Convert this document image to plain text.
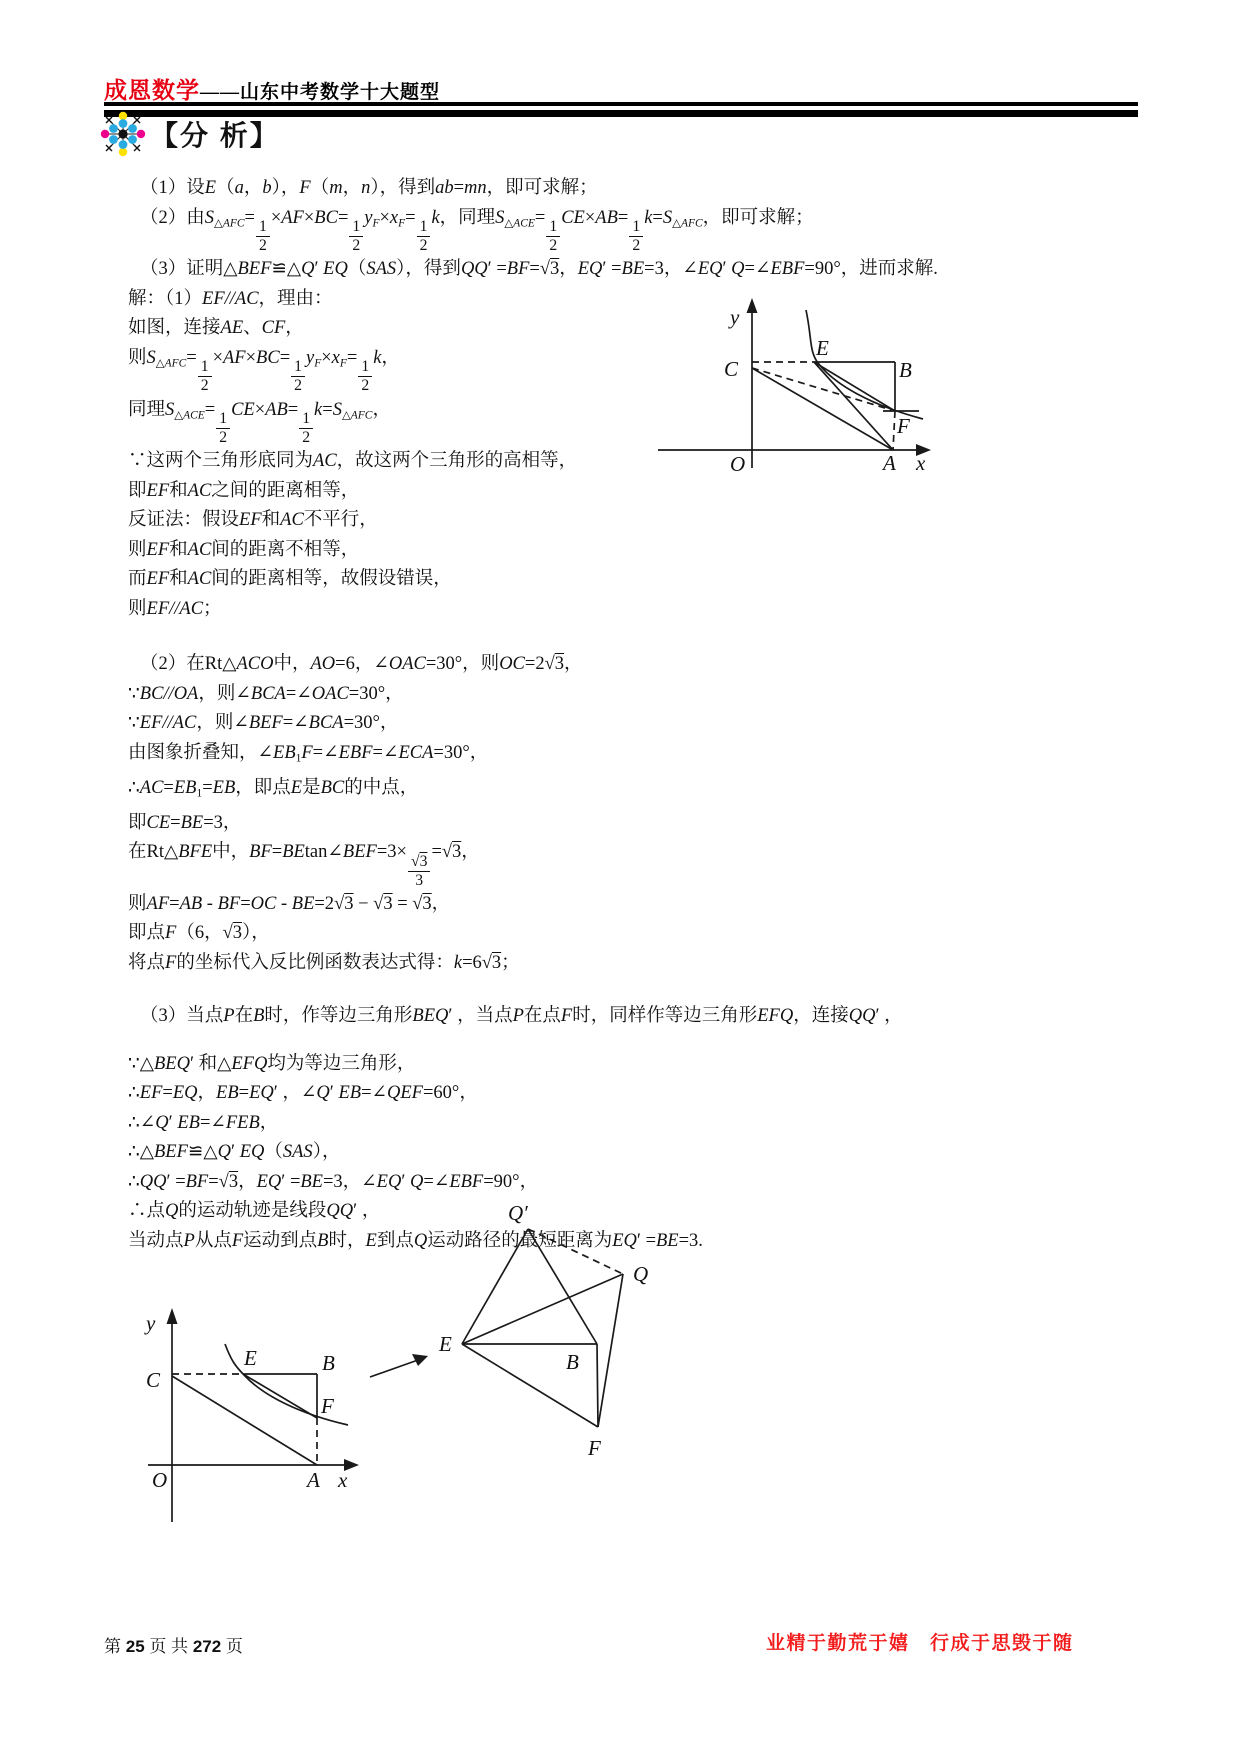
成恩数学——山东中考数学十大题型
【分 析】
（1）设E（a，b），F（m，n），得到ab=mn，即可求解；
（2）由$S_{\triangle AFC}=$
$\frac{1}{2}$
×AF×BC=
$\frac{1}{2}$
$y_F\times x_F=$
$\frac{1}{2}$
k，同理$S_{\triangle ACE}=$
$\frac{1}{2}$
CE×AB=
$\frac{1}{2}$
$k=S_{\triangle AFC}$，即可求解；
（3）证明△BEF≌△Q′ EQ（SAS），得到QQ′ =BF=√3，EQ′ =BE=3，∠EQ′ Q=∠EBF=90°，进而求解.
解：（1）EF//AC，理由：
如图，连接AE、CF，
则$S_{\triangle AFC}=$
$\frac{1}{2}$
×AF×BC=
$\frac{1}{2}$
$y_F\times x_F=$
$\frac{1}{2}$
k，
同理$S_{\triangle ACE}=$
$\frac{1}{2}$
CE×AB=
$\frac{1}{2}$
$k=S_{\triangle AFC}$，
∵这两个三角形底同为AC，故这两个三角形的高相等，
即EF和AC之间的距离相等，
反证法：假设EF和AC不平行，
则EF和AC间的距离不相等，
而EF和AC间的距离相等，故假设错误，
则EF//AC；
（2）在Rt△ACO中，AO=6，∠OAC=30°，则OC=2√3，
∵BC//OA，则∠BCA=∠OAC=30°，
∵EF//AC，则∠BEF=∠BCA=30°，
由图象折叠知，$\angle EB_1F=\angle EBF=\angle ECA=30^\circ$，
$\therefore AC=EB_1=EB$，即点E是BC的中点，
即CE=BE=3，
在Rt△BFE中，BF=BEtan∠BEF=3×
$\frac{√3}{3}$
=√3，
则AF=AB - BF=OC - BE=2√3 − √3 = √3，
即点F（6，√3），
将点F的坐标代入反比例函数表达式得：k=6√3；
（3）当点P在B时，作等边三角形BEQ′ ，当点P在点F时，同样作等边三角形EFQ，连接QQ′ ，
∵△BEQ′ 和△EFQ均为等边三角形，
∴EF=EQ，EB=EQ′ ，∠Q′ EB=∠QEF=60°，
∴∠Q′ EB=∠FEB，
∴△BEF≌△Q′ EQ（SAS），
∴QQ′ =BF=√3，EQ′ =BE=3，∠EQ′ Q=∠EBF=90°，
∴点Q的运动轨迹是线段QQ′ ，
当动点P从点F运动到点B时，E到点Q运动路径的最短距离为EQ′ =BE=3.
y
x
O	A
C
E
B
F
y
x
O	A
C
E	B
F
Q′
Q
E
B
F
第 25 页 共 272 页	业精于勤荒于嬉　行成于思毁于随
